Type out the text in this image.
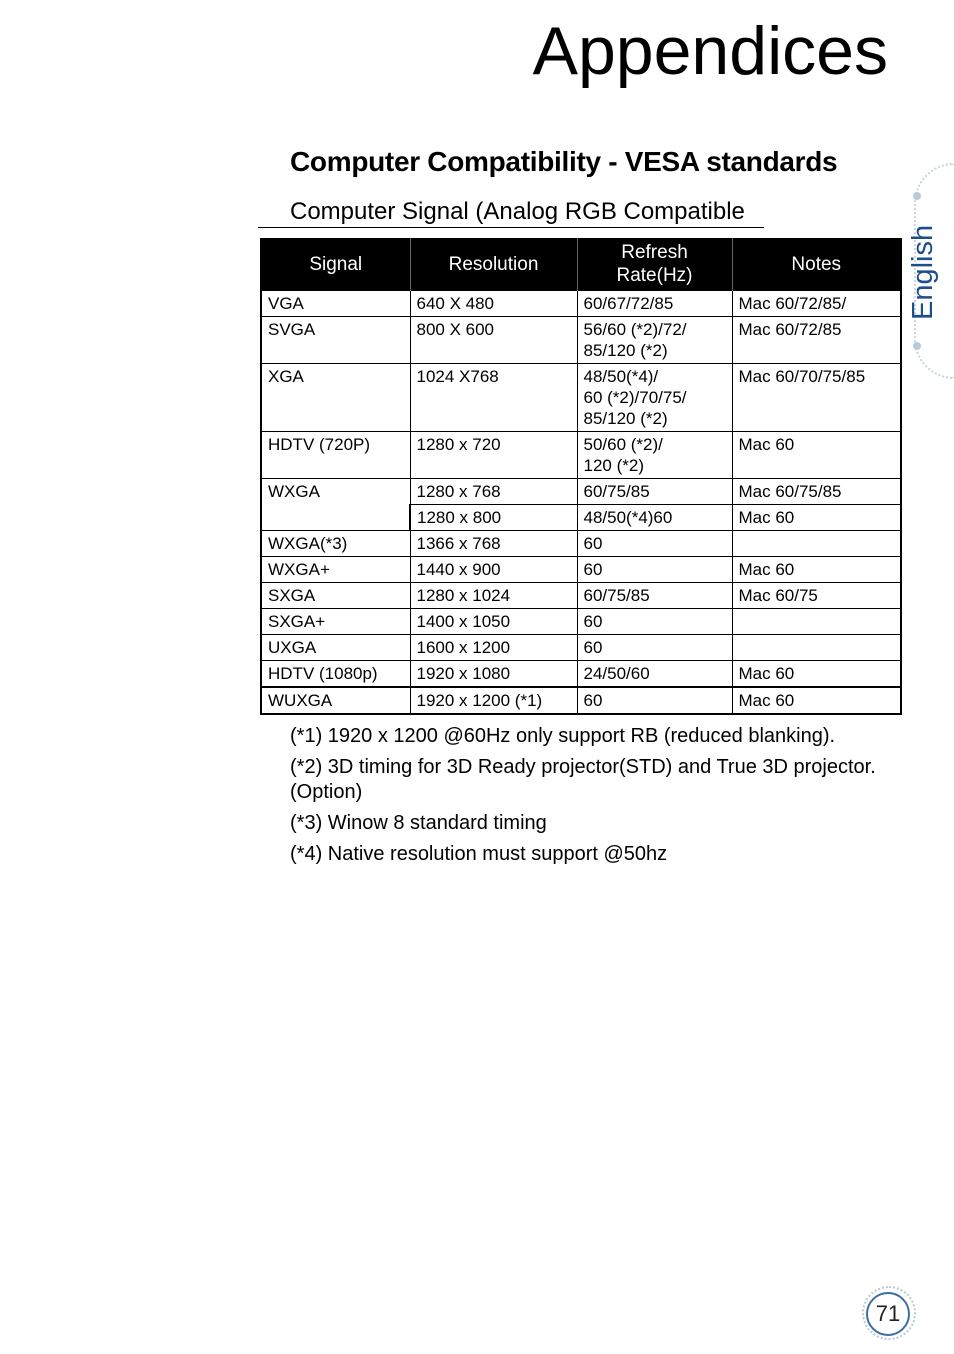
Appendices
Computer Compatibility - VESA standards
Computer Signal (Analog RGB Compatible
Signal	Resolution	Refresh
Rate(Hz)	Notes
VGA	640 X 480	60/67/72/85	Mac 60/72/85/
SVGA	800 X 600	56/60 (*2)/72/
85/120 (*2)	Mac 60/72/85
XGA	1024 X768	48/50(*4)/
60 (*2)/70/75/
85/120 (*2)	Mac 60/70/75/85
HDTV (720P)	1280 x 720	50/60 (*2)/
120 (*2)	Mac 60
WXGA	1280 x 768	60/75/85	Mac 60/75/85
	1280 x 800	48/50(*4)60	Mac 60
WXGA(*3)	1366 x 768	60	
WXGA+	1440 x 900	60	Mac 60
SXGA	1280 x 1024	60/75/85	Mac 60/75
SXGA+	1400 x 1050	60	
UXGA	1600 x 1200	60	
HDTV (1080p)	1920 x 1080	24/50/60	Mac 60
WUXGA	1920 x 1200 (*1)	60	Mac 60

(*1) 1920 x 1200 @60Hz only support RB (reduced blanking).

(*2) 3D timing for 3D Ready projector(STD) and True 3D projector. (Option)

(*3) Winow 8 standard timing

(*4) Native resolution must support @50hz

English
71
